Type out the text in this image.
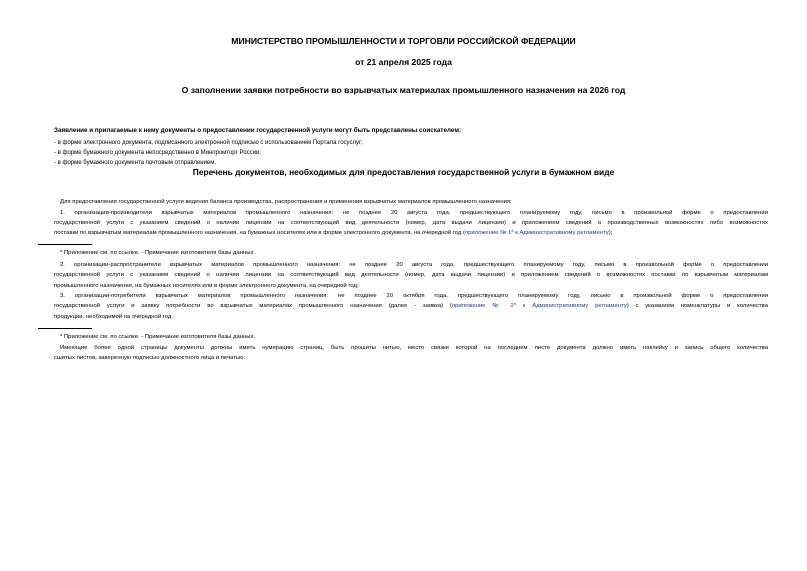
МИНИСТЕРСТВО ПРОМЫШЛЕННОСТИ И ТОРГОВЛИ РОССИЙСКОЙ ФЕДЕРАЦИИ
от 21 апреля 2025 года
О заполнении заявки потребности во взрывчатых материалах промышленного назначения на 2026 год
Заявление и прилагаемые к нему документы о предоставлении государственной услуги могут быть представлены соискателем:
- в форме электронного документа, подписанного электронной подписью с использованием Портала госуслуг;
- в форме бумажного документа непосредственно в Минпромторг России;
- в форме бумажного документа почтовым отправлением.
Перечень документов, необходимых для предоставления государственной услуги в бумажном виде
Для предоставления государственной услуги ведения баланса производства, распространения и применения взрывчатых материалов промышленного назначения:
1. организации-производители взрывчатых материалов промышленного назначения: не позднее 20 августа года, предшествующего планируемому году, письмо в произвольной форме о предоставлении
государственной услуги с указанием сведений о наличии лицензии на соответствующий вид деятельности (номер, дата выдачи лицензии) и приложением сведений о производственных возможностях либо возможностях
поставки по взрывчатым материалам промышленного назначения, на бумажных носителях или в форме электронного документа, на очередной год (приложение № 1* к Административному регламенту);
* Приложение см. по ссылке. - Примечание изготовителя базы данных.
2. организации-распространители взрывчатых материалов промышленного назначения: не позднее 20 августа года, предшествующего планируемому году, письмо в произвольной форме о предоставлении
государственной услуги с указанием сведений о наличии лицензии на соответствующий вид деятельности (номер, дата выдачи лицензии) и приложением сведений о возможностях поставки по взрывчатым материалам
промышленного назначения, на бумажных носителях или в форме электронного документа, на очередной год;
3. организации-потребители взрывчатых материалов промышленного назначения: не позднее 20 октября года, предшествующего планируемому году, письмо в произвольной форме о предоставлении
государственной услуги и заявку потребности во взрывчатых материалах промышленного назначения (далее - заявка) (приложение № 2* к Административному регламенту) с указанием номенклатуры и количества
продукции, необходимой на очередной год.
* Приложение см. по ссылке. - Примечание изготовителя базы данных.
Имеющие более одной страницы документы должны иметь нумерацию страниц, быть прошиты нитью, место связки которой на последнем листе документа должно иметь наклейку и запись общего количества
сшитых листов, заверенную подписью должностного лица и печатью.
